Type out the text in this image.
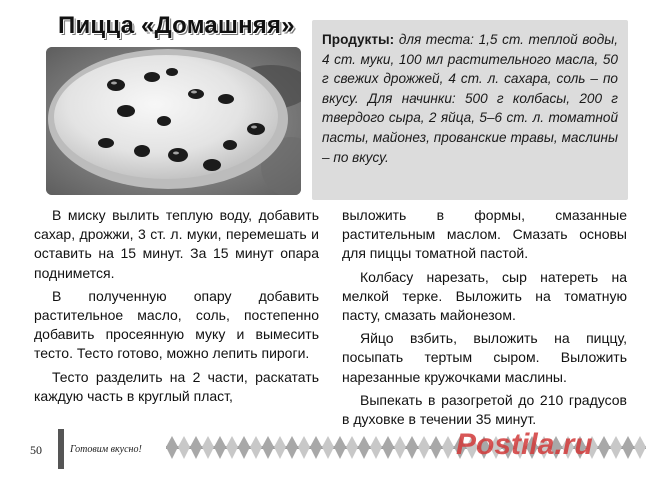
Пицца «Домашняя»
Продукты: для теста: 1,5 ст. теплой воды, 4 ст. муки, 100 мл растительного масла, 50 г свежих дрожжей, 4 ст. л. сахара, соль – по вкусу. Для начинки: 500 г колбасы, 200 г твердого сыра, 2 яйца, 5–6 ст. л. томатной пасты, майонез, прованские травы, маслины – по вкусу.

В миску вылить теплую воду, добавить сахар, дрожжи, 3 ст. л. муки, перемешать и оставить на 15 минут. За 15 минут опара поднимется.

В полученную опару добавить растительное масло, соль, постепенно добавить просеянную муку и вымесить тесто. Тесто готово, можно лепить пироги.

Тесто разделить на 2 части, раскатать каждую часть в круглый пласт,

выложить в формы, смазанные растительным маслом. Смазать основы для пиццы томатной пастой.

Колбасу нарезать, сыр натереть на мелкой терке. Выложить на томатную пасту, смазать майонезом.

Яйцо взбить, выложить на пиццу, посыпать тертым сыром. Выложить нарезанные кружочками маслины.

Выпекать в разогретой до 210 градусов в духовке в течении 35 минут.

50	Готовим вкусно!	Postila.ru
